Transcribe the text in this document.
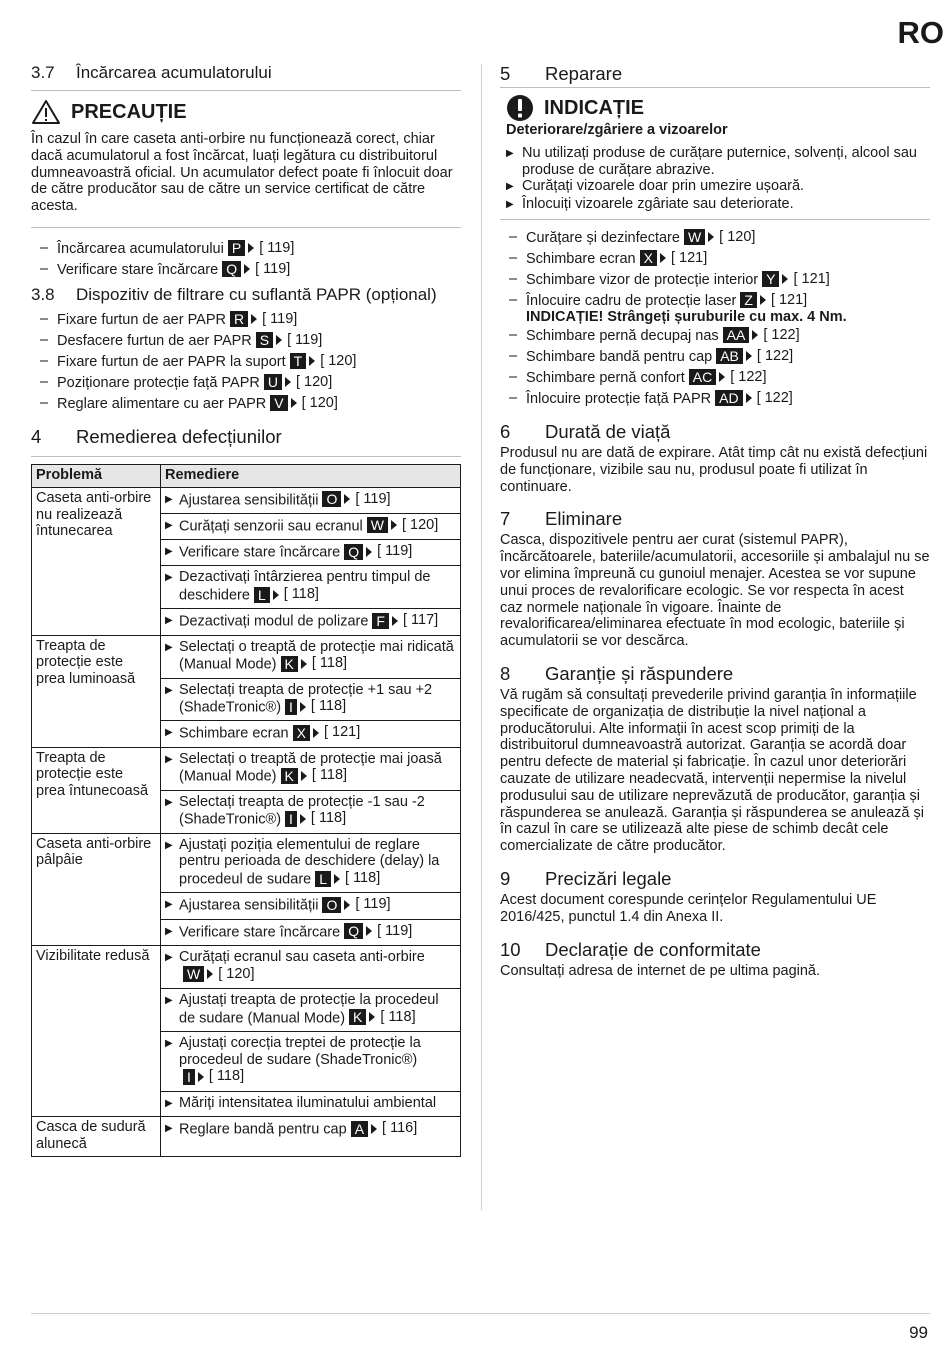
RO
3.7	Încărcarea acumulatorului
PRECAUȚIE

În cazul în care caseta anti-orbire nu funcționează corect, chiar dacă acumulatorul a fost încărcat, luați legătura cu distribuitorul dumneavoastră oficial. Un acumulator defect poate fi înlocuit doar de către producător sau de către un service certificat de către acesta.

– Încărcarea acumulatorului P [ 119]
– Verificare stare încărcare Q [ 119]
3.8	Dispozitiv de filtrare cu suflantă PAPR (opțional)
– Fixare furtun de aer PAPR R [ 119]
– Desfacere furtun de aer PAPR S [ 119]
– Fixare furtun de aer PAPR la suport T [ 120]
– Poziționare protecție față PAPR U [ 120]
– Reglare alimentare cu aer PAPR V [ 120]
4	Remedierea defecțiunilor
Problemă	Remediere
Caseta anti-orbire nu realizează întunecarea	▶ Ajustarea sensibilității O [ 119]

	▶ Curățați senzorii sau ecranul W [ 120]

	▶ Verificare stare încărcare Q [ 119]

	▶ Dezactivați întârzierea pentru timpul de deschidere L [ 118]

	▶ Dezactivați modul de polizare F [ 117]

Treapta de protecție este prea luminoasă	▶ Selectați o treaptă de protecție mai ridicată (Manual Mode) K [ 118]

	▶ Selectați treapta de protecție +1 sau +2 (ShadeTronic®) I [ 118]

	▶ Schimbare ecran X [ 121]

Treapta de protecție este prea întunecoasă	▶ Selectați o treaptă de protecție mai joasă (Manual Mode) K [ 118]

	▶ Selectați treapta de protecție -1 sau -2 (ShadeTronic®) I [ 118]

Caseta anti-orbire pâlpâie	▶ Ajustați poziția elementului de reglare pentru perioada de deschidere (delay) la procedeul de sudare L [ 118]

	▶ Ajustarea sensibilității O [ 119]

	▶ Verificare stare încărcare Q [ 119]

Vizibilitate redusă	▶ Curățați ecranul sau caseta anti-orbire
W [ 120]

	▶ Ajustați treapta de protecție la procedeul de sudare (Manual Mode) K [ 118]

	▶ Ajustați corecția treptei de protecție la procedeul de sudare (ShadeTronic®)
I [ 118]

	▶ Măriți intensitatea iluminatului ambiental

Casca de sudură alunecă	▶ Reglare bandă pentru cap A [ 116]
5	Reparare
INDICAȚIE
Deteriorare/zgâriere a vizoarelor
▶ Nu utilizați produse de curățare puternice, solvenți, alcool sau produse de curățare abrazive.
▶ Curățați vizoarele doar prin umezire ușoară.
▶ Înlocuiți vizoarele zgâriate sau deteriorate.
– Curățare și dezinfectare W [ 120]
– Schimbare ecran X [ 121]
– Schimbare vizor de protecție interior Y [ 121]
– Înlocuire cadru de protecție laser Z [ 121]
INDICAȚIE! Strângeți șuruburile cu max. 4 Nm.
– Schimbare pernă decupaj nas AA [ 122]
– Schimbare bandă pentru cap AB [ 122]
– Schimbare pernă confort AC [ 122]
– Înlocuire protecție față PAPR AD [ 122]
6	Durată de viață

Produsul nu are dată de expirare. Atât timp cât nu există defecțiuni de funcționare, vizibile sau nu, produsul poate fi utilizat în continuare.

7	Eliminare

Casca, dispozitivele pentru aer curat (sistemul PAPR), încărcătoarele, bateriile/acumulatorii, accesoriile și ambalajul nu se vor elimina împreună cu gunoiul menajer. Acestea se vor supune unui proces de revalorificare ecologic. Se vor respecta în acest caz normele naționale în vigoare. Înainte de revalorificarea/eliminarea efectuate în mod ecologic, bateriile și acumulatorii se vor descărca.

8	Garanție și răspundere

Vă rugăm să consultați prevederile privind garanția în informațiile specificate de organizația de distribuție la nivel național a producătorului. Alte informații în acest scop primiți de la distribuitorul dumneavoastră autorizat. Garanția se acordă doar pentru defecte de material și fabricație. În cazul unor deteriorări cauzate de utilizare neadecvată, intervenții nepermise la nivelul produsului sau de utilizare neprevăzută de producător, garanția și răspunderea se anulează. Garanția și răspunderea se anulează și în cazul în care se utilizează alte piese de schimb decât cele comercializate de către producător.

9	Precizări legale

Acest document corespunde cerințelor Regulamentului UE 2016/425, punctul 1.4 din Anexa II.

10	Declarație de conformitate

Consultați adresa de internet de pe ultima pagină.

99
